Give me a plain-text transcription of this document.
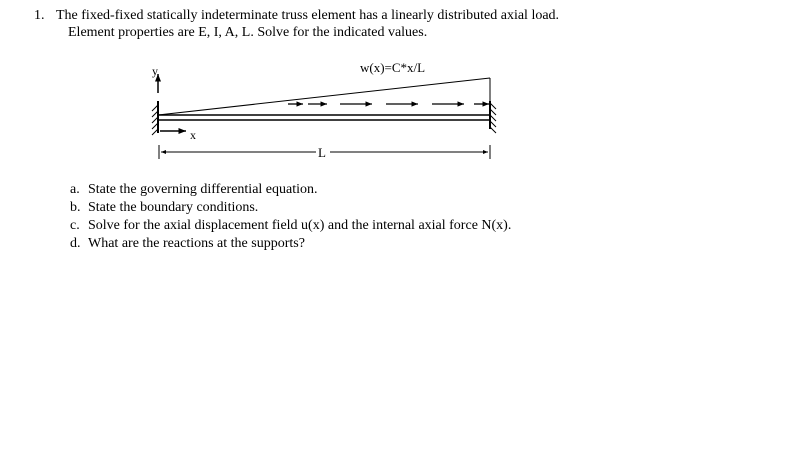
1. The fixed-fixed statically indeterminate truss element has a linearly distributed axial load.
Element properties are E, I, A, L. Solve for the indicated values.
y	w(x)=C*x/L
x
L
a. State the governing differential equation.
b. State the boundary conditions.
c. Solve for the axial displacement field u(x) and the internal axial force N(x).
d. What are the reactions at the supports?
